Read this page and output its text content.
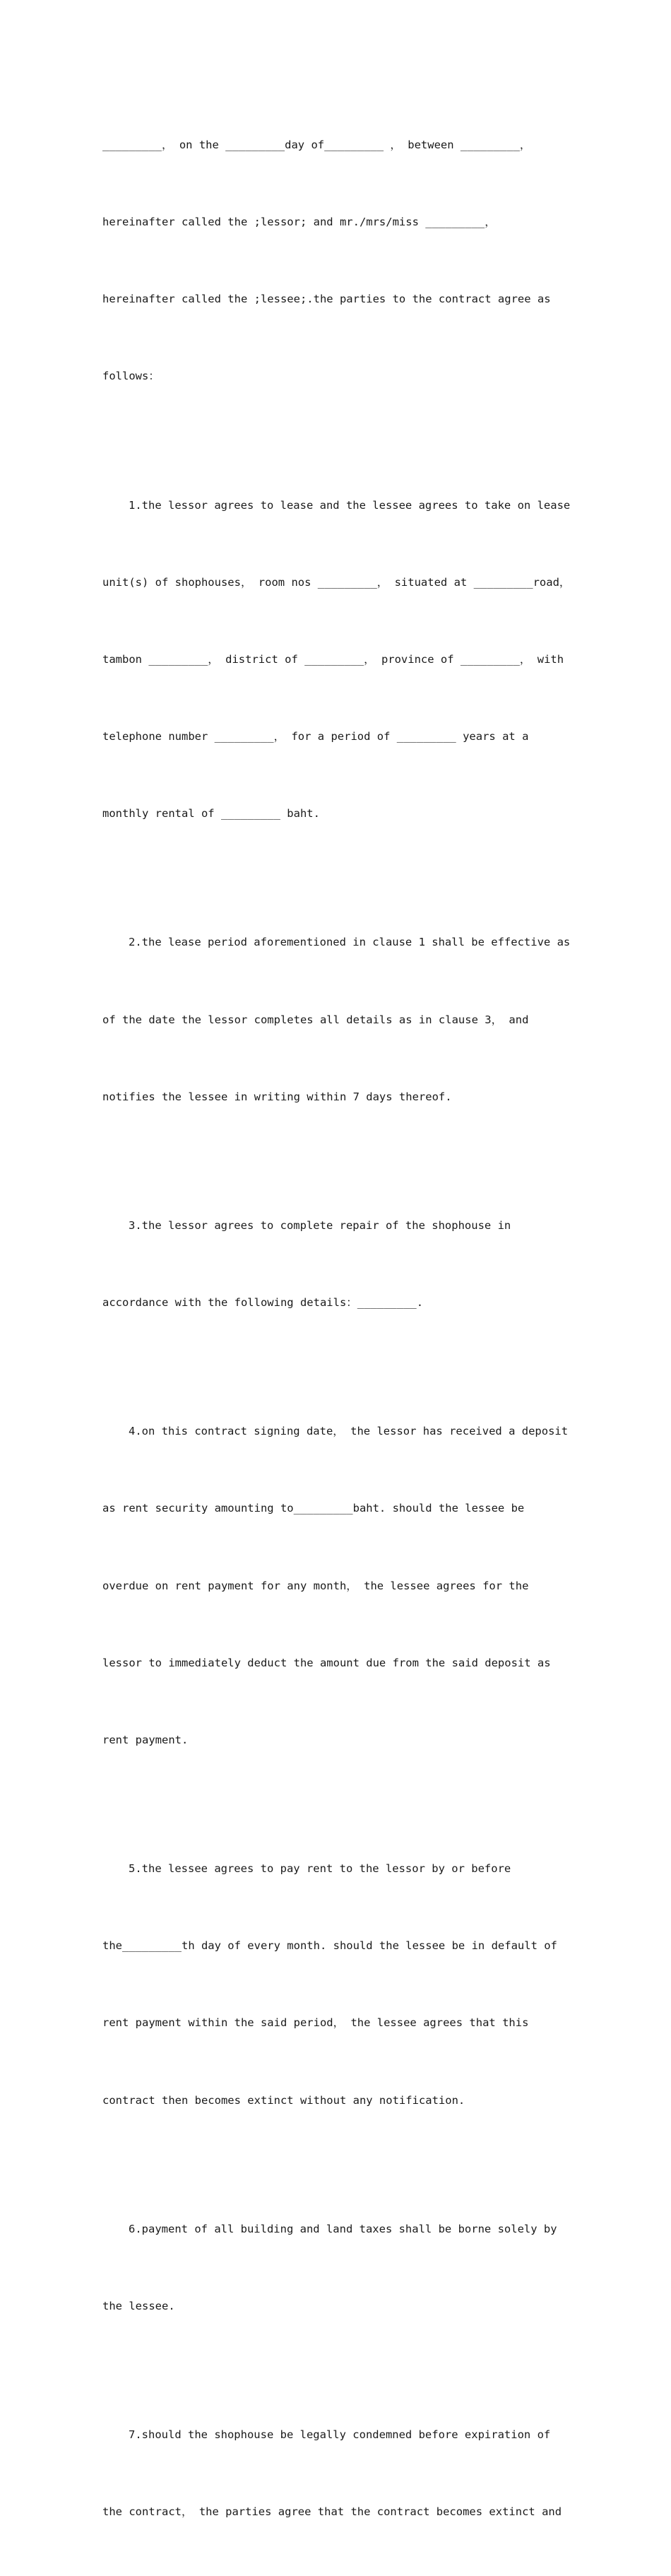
_________， on the _________day of_________ ， between _________，

hereinafter called the ;lessor; and mr./mrs/miss _________，

hereinafter called the ;lessee;.the parties to the contract agree as

follows：

1.the lessor agrees to lease and the lessee agrees to take on lease

unit(s) of shophouses， room nos _________， situated at _________road，

tambon _________， district of _________， province of _________， with

telephone number _________， for a period of _________ years at a

monthly rental of _________ baht.

2.the lease period aforementioned in clause 1 shall be effective as

of the date the lessor completes all details as in clause 3， and

notifies the lessee in writing within 7 days thereof.

3.the lessor agrees to complete repair of the shophouse in

accordance with the following details：_________.

4.on this contract signing date， the lessor has received a deposit

as rent security amounting to_________baht. should the lessee be

overdue on rent payment for any month， the lessee agrees for the

lessor to immediately deduct the amount due from the said deposit as

rent payment.

5.the lessee agrees to pay rent to the lessor by or before

the_________th day of every month. should the lessee be in default of

rent payment within the said period， the lessee agrees that this

contract then becomes extinct without any notification.

6.payment of all building and land taxes shall be borne solely by

the lessee.

7.should the shophouse be legally condemned before expiration of

the contract， the parties agree that the contract becomes extinct and
